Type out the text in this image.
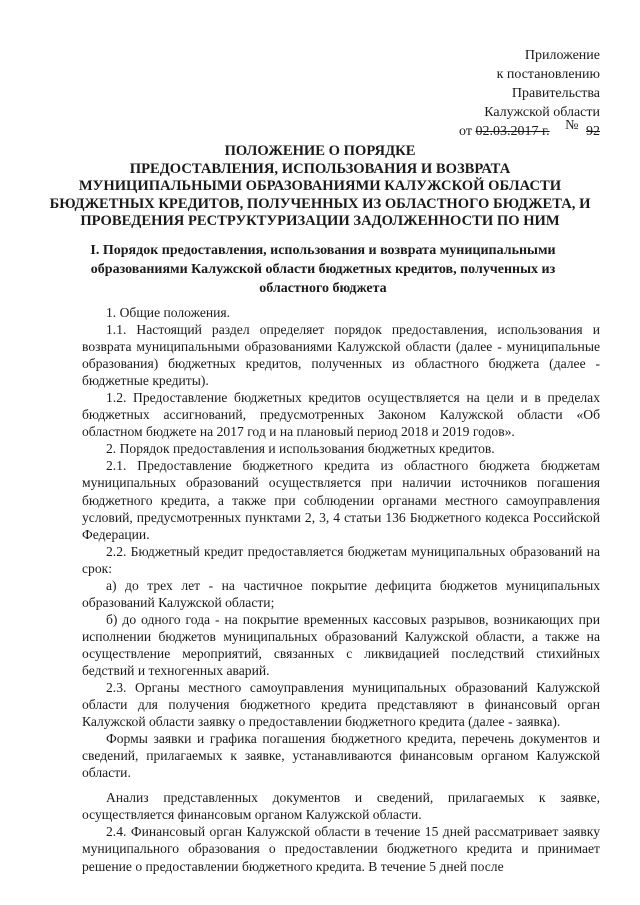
Приложение
к постановлению
Правительства
Калужской области
от 02.03.2017 г. № 92
ПОЛОЖЕНИЕ О ПОРЯДКЕ
ПРЕДОСТАВЛЕНИЯ, ИСПОЛЬЗОВАНИЯ И ВОЗВРАТА
МУНИЦИПАЛЬНЫМИ ОБРАЗОВАНИЯМИ КАЛУЖСКОЙ ОБЛАСТИ
БЮДЖЕТНЫХ КРЕДИТОВ, ПОЛУЧЕННЫХ ИЗ ОБЛАСТНОГО БЮДЖЕТА, И
ПРОВЕДЕНИЯ РЕСТРУКТУРИЗАЦИИ ЗАДОЛЖЕННОСТИ ПО НИМ
I. Порядок предоставления, использования и возврата муниципальными образованиями Калужской области бюджетных кредитов, полученных из областного бюджета

1. Общие положения.

1.1. Настоящий раздел определяет порядок предоставления, использования и возврата муниципальными образованиями Калужской области (далее - муниципальные образования) бюджетных кредитов, полученных из областного бюджета (далее - бюджетные кредиты).

1.2. Предоставление бюджетных кредитов осуществляется на цели и в пределах бюджетных ассигнований, предусмотренных Законом Калужской области «Об областном бюджете на 2017 год и на плановый период 2018 и 2019 годов».

2. Порядок предоставления и использования бюджетных кредитов.

2.1. Предоставление бюджетного кредита из областного бюджета бюджетам муниципальных образований осуществляется при наличии источников погашения бюджетного кредита, а также при соблюдении органами местного самоуправления условий, предусмотренных пунктами 2, 3, 4 статьи 136 Бюджетного кодекса Российской Федерации.

2.2. Бюджетный кредит предоставляется бюджетам муниципальных образований на срок:

а) до трех лет - на частичное покрытие дефицита бюджетов муниципальных образований Калужской области;

б) до одного года - на покрытие временных кассовых разрывов, возникающих при исполнении бюджетов муниципальных образований Калужской области, а также на осуществление мероприятий, связанных с ликвидацией последствий стихийных бедствий и техногенных аварий.

2.3. Органы местного самоуправления муниципальных образований Калужской области для получения бюджетного кредита представляют в финансовый орган Калужской области заявку о предоставлении бюджетного кредита (далее - заявка).

Формы заявки и графика погашения бюджетного кредита, перечень документов и сведений, прилагаемых к заявке, устанавливаются финансовым органом Калужской области.

Анализ представленных документов и сведений, прилагаемых к заявке, осуществляется финансовым органом Калужской области.

2.4. Финансовый орган Калужской области в течение 15 дней рассматривает заявку муниципального образования о предоставлении бюджетного кредита и принимает решение о предоставлении бюджетного кредита. В течение 5 дней после
